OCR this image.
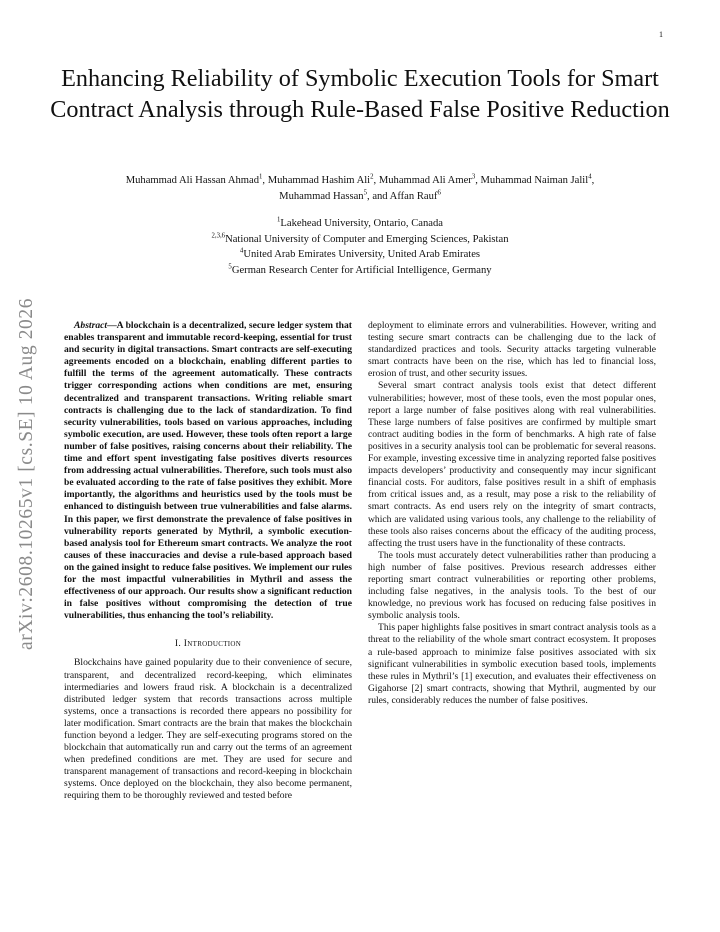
1
arXiv:2608.10265v1 [cs.SE] 10 Aug 2026
Enhancing Reliability of Symbolic Execution Tools for Smart Contract Analysis through Rule-Based False Positive Reduction
Muhammad Ali Hassan Ahmad$^1$, Muhammad Hashim Ali$^2$, Muhammad Ali Amer$^3$, Muhammad Naiman Jalil$^4$,
Muhammad Hassan$^5$, and Affan Rauf$^6$
$^1$Lakehead University, Ontario, Canada
$^{2,3,6}$National University of Computer and Emerging Sciences, Pakistan
$^4$United Arab Emirates University, United Arab Emirates
$^5$German Research Center for Artificial Intelligence, Germany

Abstract—A blockchain is a decentralized, secure ledger system that enables transparent and immutable record-keeping, essential for trust and security in digital transactions. Smart contracts are self-executing agreements encoded on a blockchain, enabling different parties to fulfill the terms of the agreement automatically. These contracts trigger corresponding actions when conditions are met, ensuring decentralized and transparent transactions. Writing reliable smart contracts is challenging due to the lack of standardization. To find security vulnerabilities, tools based on various approaches, including symbolic execution, are used. However, these tools often report a large number of false positives, raising concerns about their reliability. The time and effort spent investigating false positives diverts resources from addressing actual vulnerabilities. Therefore, such tools must also be evaluated according to the rate of false positives they exhibit. More importantly, the algorithms and heuristics used by the tools must be enhanced to distinguish between true vulnerabilities and false alarms. In this paper, we first demonstrate the prevalence of false positives in vulnerability reports generated by Mythril, a symbolic execution-based analysis tool for Ethereum smart contracts. We analyze the root causes of these inaccuracies and devise a rule-based approach based on the gained insight to reduce false positives. We implement our rules for the most impactful vulnerabilities in Mythril and assess the effectiveness of our approach. Our results show a significant reduction in false positives without compromising the detection of true vulnerabilities, thus enhancing the tool’s reliability.

I. Introduction

Blockchains have gained popularity due to their convenience of secure, transparent, and decentralized record-keeping, which eliminates intermediaries and lowers fraud risk. A blockchain is a decentralized distributed ledger system that records transactions across multiple systems, once a transactions is recorded there appears no possibility for later modification. Smart contracts are the brain that makes the blockchain function beyond a ledger. They are self-executing programs stored on the blockchain that automatically run and carry out the terms of an agreement when predefined conditions are met. They are used for secure and transparent management of transactions and record-keeping in blockchain systems. Once deployed on the blockchain, they also become permanent, requiring them to be thoroughly reviewed and tested before

deployment to eliminate errors and vulnerabilities. However, writing and testing secure smart contracts can be challenging due to the lack of standardized practices and tools. Security attacks targeting vulnerable smart contracts have been on the rise, which has led to financial loss, erosion of trust, and other security issues.

Several smart contract analysis tools exist that detect different vulnerabilities; however, most of these tools, even the most popular ones, report a large number of false positives along with real vulnerabilities. These large numbers of false positives are confirmed by multiple smart contract auditing bodies in the form of benchmarks. A high rate of false positives in a security analysis tool can be problematic for several reasons. For example, investing excessive time in analyzing reported false positives impacts developers’ productivity and consequently may incur significant financial costs. For auditors, false positives result in a shift of emphasis from critical issues and, as a result, may pose a risk to the reliability of smart contracts. As end users rely on the integrity of smart contracts, which are validated using various tools, any challenge to the reliability of these tools also raises concerns about the efficacy of the auditing process, affecting the trust users have in the functionality of these contracts.

The tools must accurately detect vulnerabilities rather than producing a high number of false positives. Previous research addresses either reporting smart contract vulnerabilities or reporting other problems, including false negatives, in the analysis tools. To the best of our knowledge, no previous work has focused on reducing false positives in symbolic analysis tools.

This paper highlights false positives in smart contract analysis tools as a threat to the reliability of the whole smart contract ecosystem. It proposes a rule-based approach to minimize false positives associated with six significant vulnerabilities in symbolic execution based tools, implements these rules in Mythril’s [1] execution, and evaluates their effectiveness on Gigahorse [2] smart contracts, showing that Mythril, augmented by our rules, considerably reduces the number of false positives.
